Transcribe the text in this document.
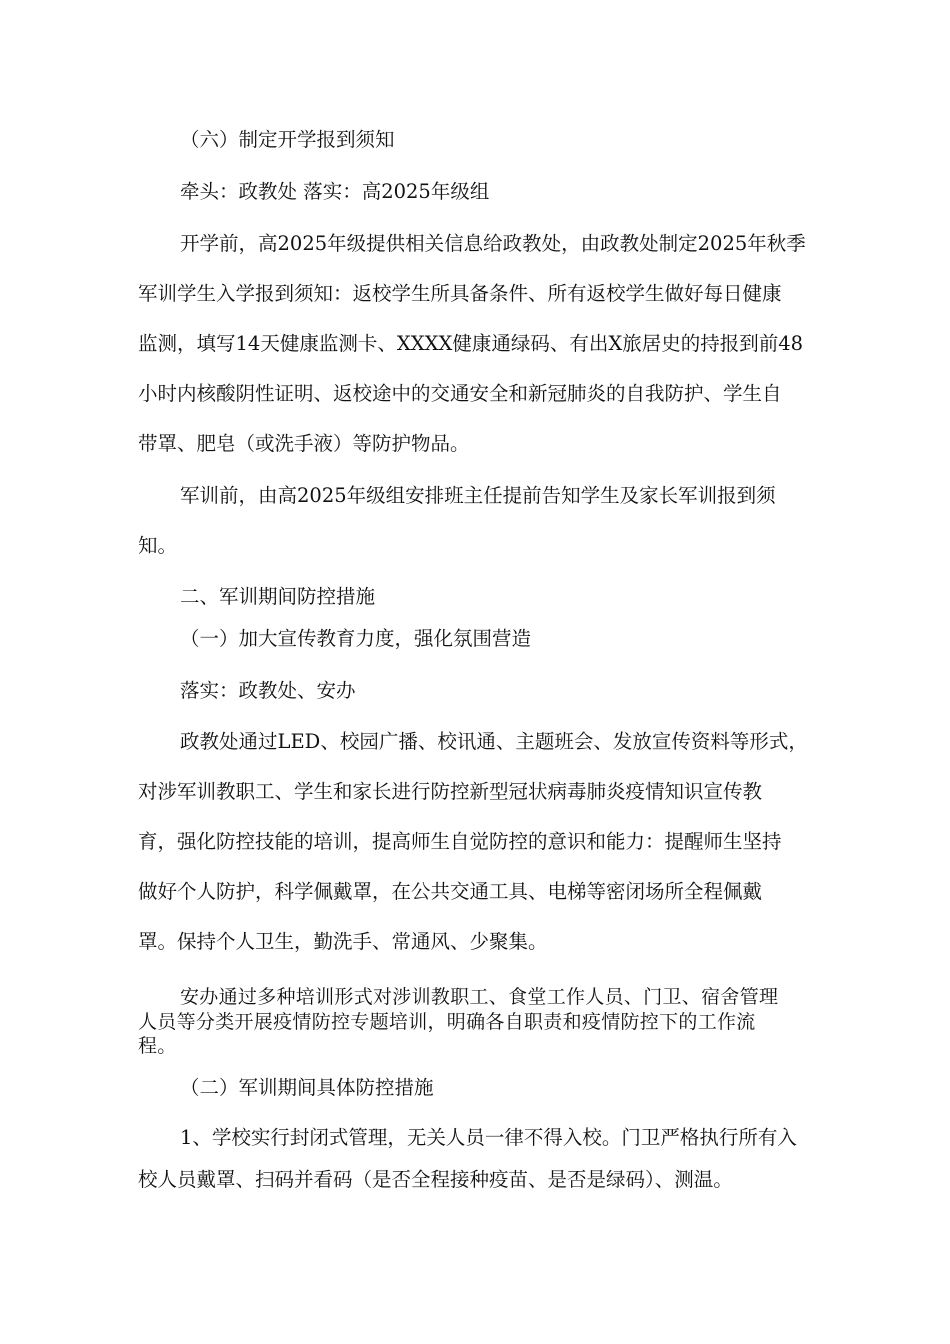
（六）制定开学报到须知
牵头：政教处 落实：高2025年级组
开学前，高2025年级提供相关信息给政教处，由政教处制定2025年秋季
军训学生入学报到须知：返校学生所具备条件、所有返校学生做好每日健康
监测，填写14天健康监测卡、XXXX健康通绿码、有出X旅居史的持报到前48
小时内核酸阴性证明、返校途中的交通安全和新冠肺炎的自我防护、学生自
带罩、肥皂（或洗手液）等防护物品。
军训前，由高2025年级组安排班主任提前告知学生及家长军训报到须
知。
二、军训期间防控措施
（一）加大宣传教育力度，强化氛围营造
落实：政教处、安办
政教处通过LED、校园广播、校讯通、主题班会、发放宣传资料等形式，
对涉军训教职工、学生和家长进行防控新型冠状病毒肺炎疫情知识宣传教
育，强化防控技能的培训，提高师生自觉防控的意识和能力：提醒师生坚持
做好个人防护，科学佩戴罩，在公共交通工具、电梯等密闭场所全程佩戴
罩。保持个人卫生，勤洗手、常通风、少聚集。
安办通过多种培训形式对涉训教职工、食堂工作人员、门卫、宿舍管理
人员等分类开展疫情防控专题培训，明确各自职责和疫情防控下的工作流
程。
（二）军训期间具体防控措施
1、学校实行封闭式管理，无关人员一律不得入校。门卫严格执行所有入
校人员戴罩、扫码并看码（是否全程接种疫苗、是否是绿码）、测温。
